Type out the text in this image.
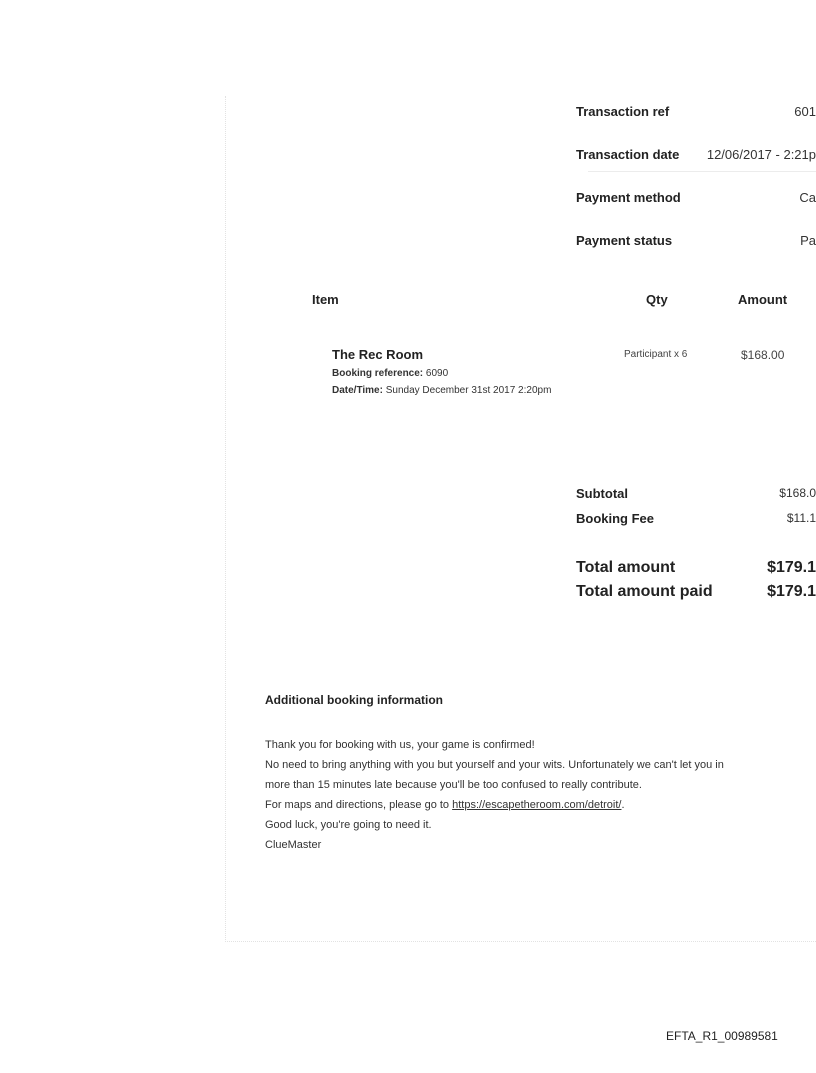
Transaction ref	601
Transaction date 12/06/2017 - 2:21p
Payment method	Ca
Payment status	Pa
Item	Qty	Amount
The Rec Room
Booking reference: 6090
Date/Time: Sunday December 31st 2017 2:20pm
Participant x 6	$168.00
Subtotal	$168.0
Booking Fee	$11.1
Total amount	$179.1
Total amount paid	$179.1
Additional booking information
Thank you for booking with us, your game is confirmed!
No need to bring anything with you but yourself and your wits. Unfortunately we can't let you in
more than 15 minutes late because you'll be too confused to really contribute.
For maps and directions, please go to https://escapetheroom.com/detroit/.
Good luck, you're going to need it.
ClueMaster
EFTA_R1_00989581
